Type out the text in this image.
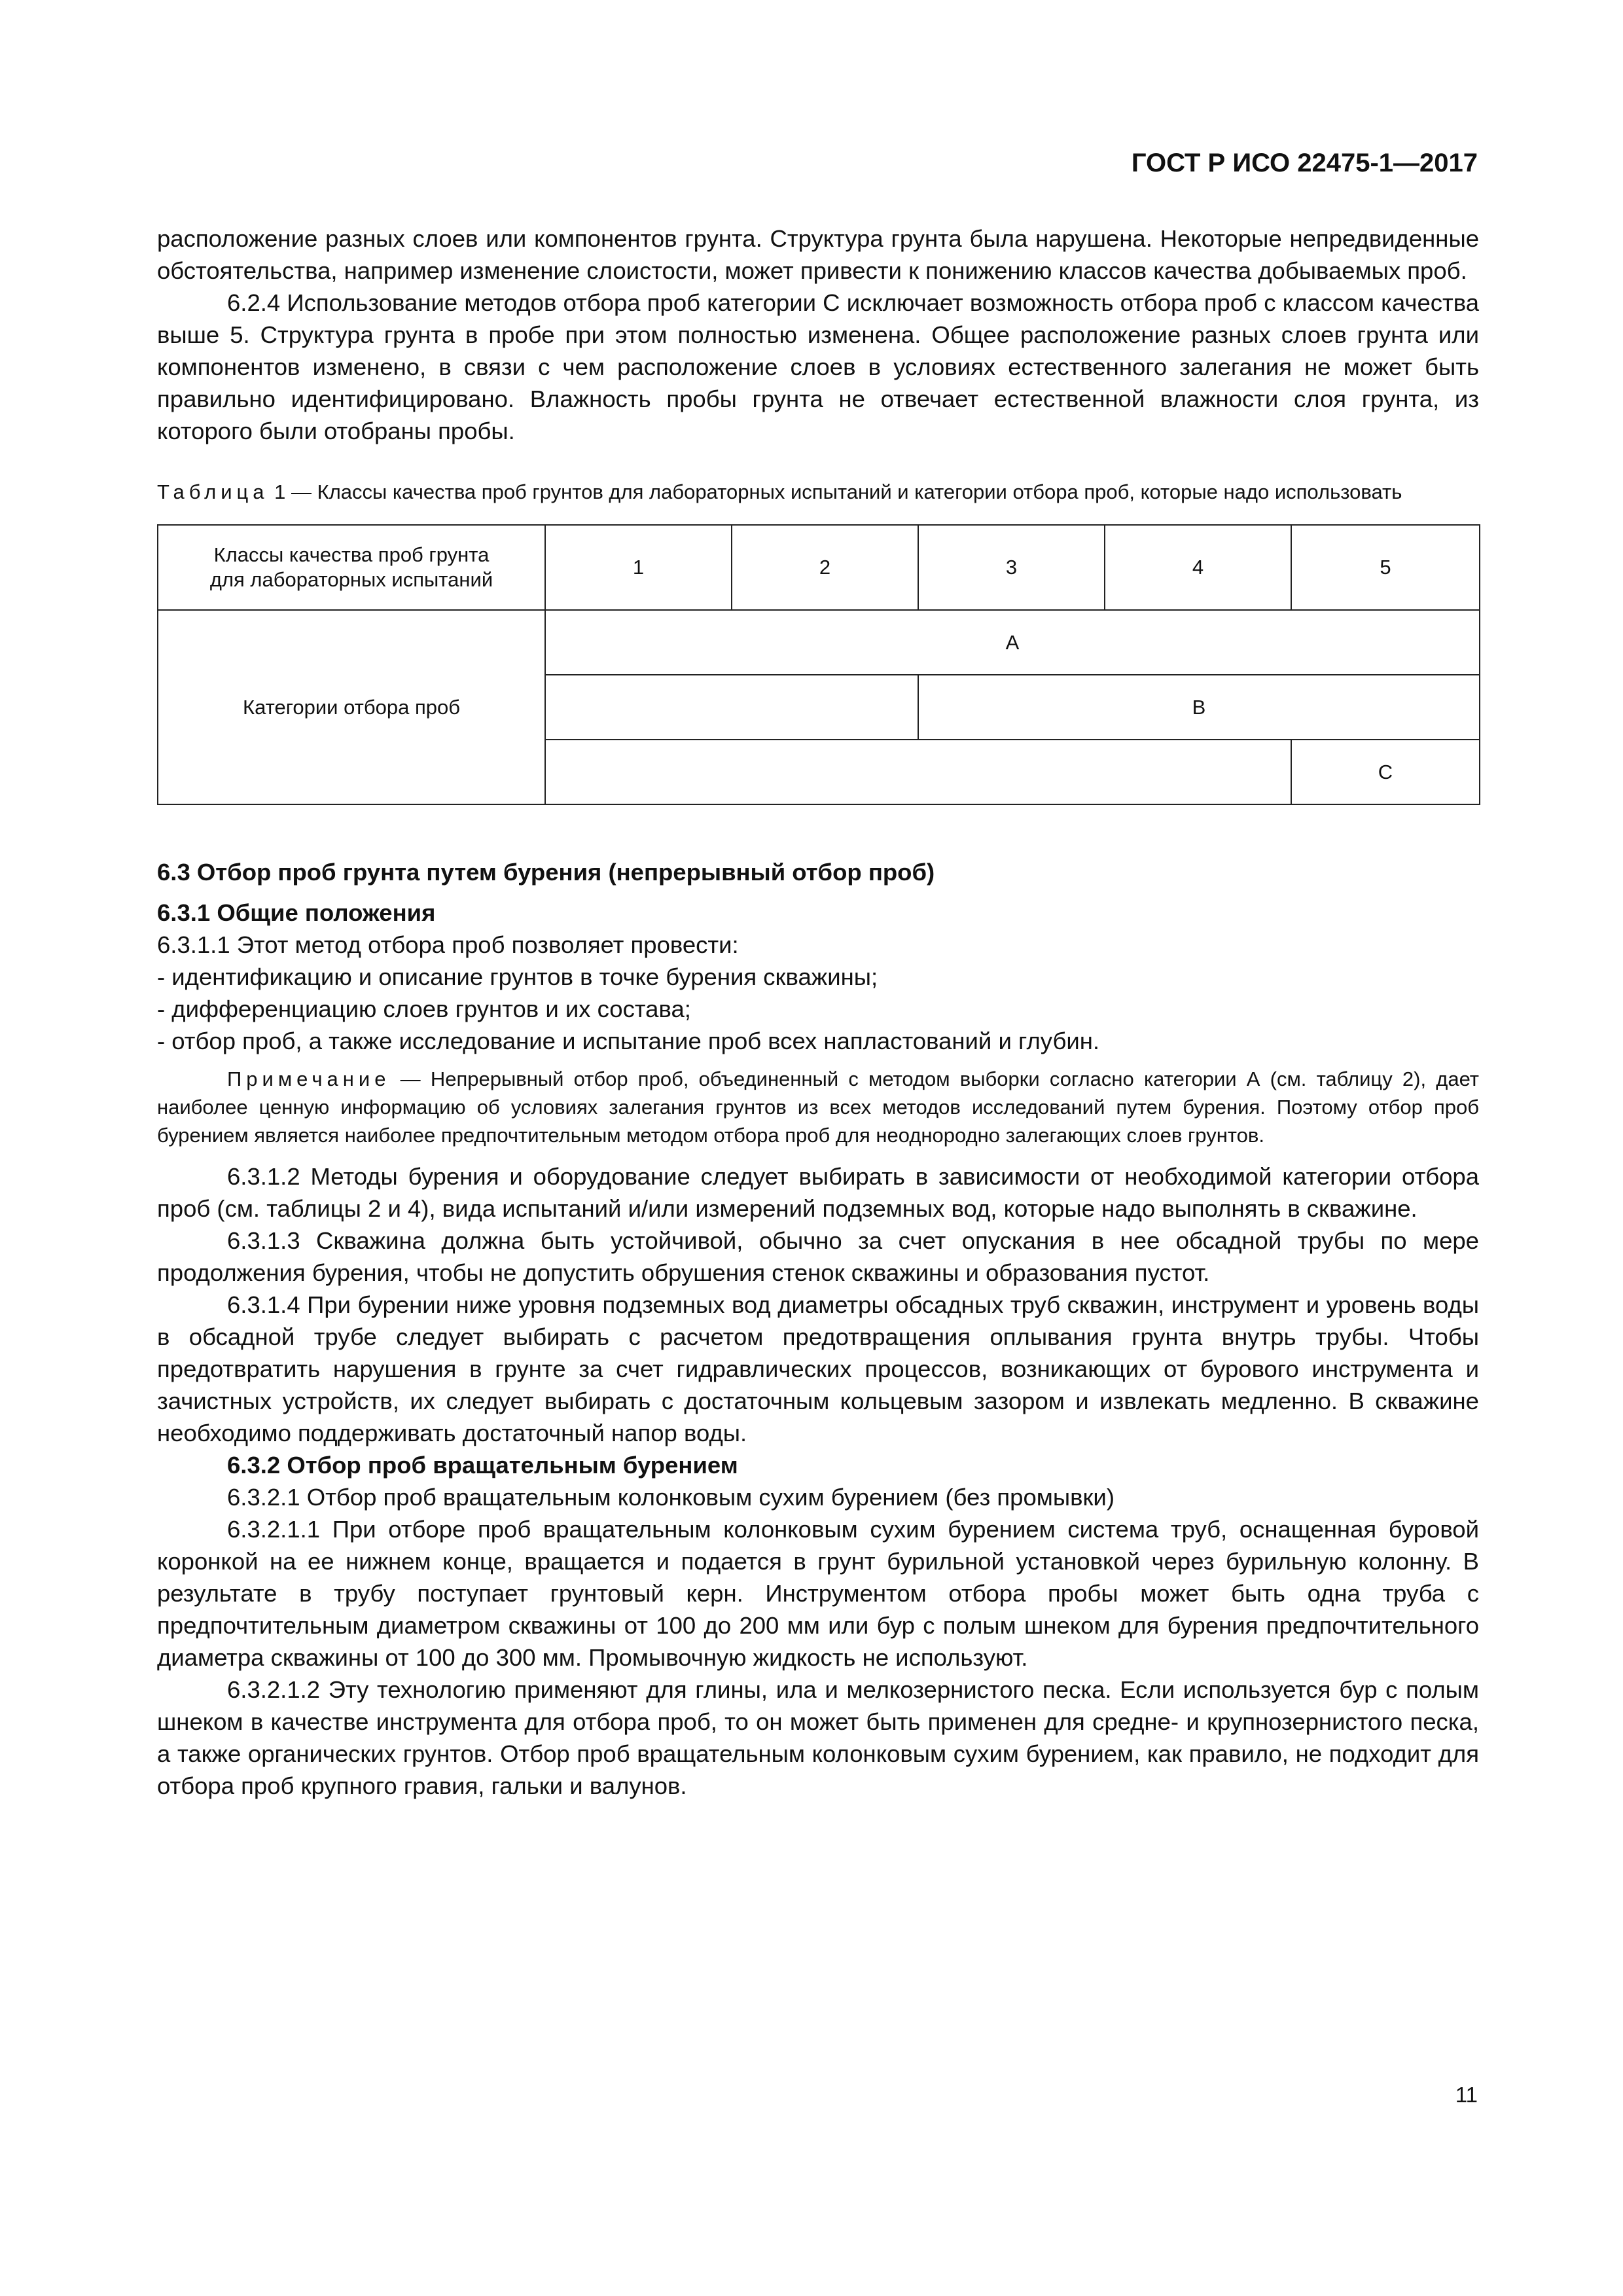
ГОСТ Р ИСО 22475-1—2017

расположение разных слоев или компонентов грунта. Структура грунта была нарушена. Некоторые непредвиденные обстоятельства, например изменение слоистости, может привести к понижению классов качества добываемых проб.

6.2.4 Использование методов отбора проб категории С исключает возможность отбора проб с классом качества выше 5. Структура грунта в пробе при этом полностью изменена. Общее расположение разных слоев грунта или компонентов изменено, в связи с чем расположение слоев в условиях естественного залегания не может быть правильно идентифицировано. Влажность пробы грунта не отвечает естественной влажности слоя грунта, из которого были отобраны пробы.

Таблица 1 — Классы качества проб грунтов для лабораторных испытаний и категории отбора проб, которые надо использовать

Классы качества проб грунта
для лабораторных испытаний	1	2	3	4	5
Категории отбора проб	A				
			B		
					C

6.3 Отбор проб грунта путем бурения (непрерывный отбор проб)

6.3.1 Общие положения

6.3.1.1 Этот метод отбора проб позволяет провести:

- идентификацию и описание грунтов в точке бурения скважины;

- дифференциацию слоев грунтов и их состава;

- отбор проб, а также исследование и испытание проб всех напластований и глубин.

Примечание — Непрерывный отбор проб, объединенный с методом выборки согласно категории А (см. таблицу 2), дает наиболее ценную информацию об условиях залегания грунтов из всех методов исследований путем бурения. Поэтому отбор проб бурением является наиболее предпочтительным методом отбора проб для неоднородно залегающих слоев грунтов.

6.3.1.2 Методы бурения и оборудование следует выбирать в зависимости от необходимой категории отбора проб (см. таблицы 2 и 4), вида испытаний и/или измерений подземных вод, которые надо выполнять в скважине.

6.3.1.3 Скважина должна быть устойчивой, обычно за счет опускания в нее обсадной трубы по мере продолжения бурения, чтобы не допустить обрушения стенок скважины и образования пустот.

6.3.1.4 При бурении ниже уровня подземных вод диаметры обсадных труб скважин, инструмент и уровень воды в обсадной трубе следует выбирать с расчетом предотвращения оплывания грунта внутрь трубы. Чтобы предотвратить нарушения в грунте за счет гидравлических процессов, возникающих от бурового инструмента и зачистных устройств, их следует выбирать с достаточным кольцевым зазором и извлекать медленно. В скважине необходимо поддерживать достаточный напор воды.

6.3.2 Отбор проб вращательным бурением

6.3.2.1 Отбор проб вращательным колонковым сухим бурением (без промывки)

6.3.2.1.1 При отборе проб вращательным колонковым сухим бурением система труб, оснащенная буровой коронкой на ее нижнем конце, вращается и подается в грунт бурильной установкой через бурильную колонну. В результате в трубу поступает грунтовый керн. Инструментом отбора пробы может быть одна труба с предпочтительным диаметром скважины от 100 до 200 мм или бур с полым шнеком для бурения предпочтительного диаметра скважины от 100 до 300 мм. Промывочную жидкость не используют.

6.3.2.1.2 Эту технологию применяют для глины, ила и мелкозернистого песка. Если используется бур с полым шнеком в качестве инструмента для отбора проб, то он может быть применен для средне- и крупнозернистого песка, а также органических грунтов. Отбор проб вращательным колонковым сухим бурением, как правило, не подходит для отбора проб крупного гравия, гальки и валунов.

11
